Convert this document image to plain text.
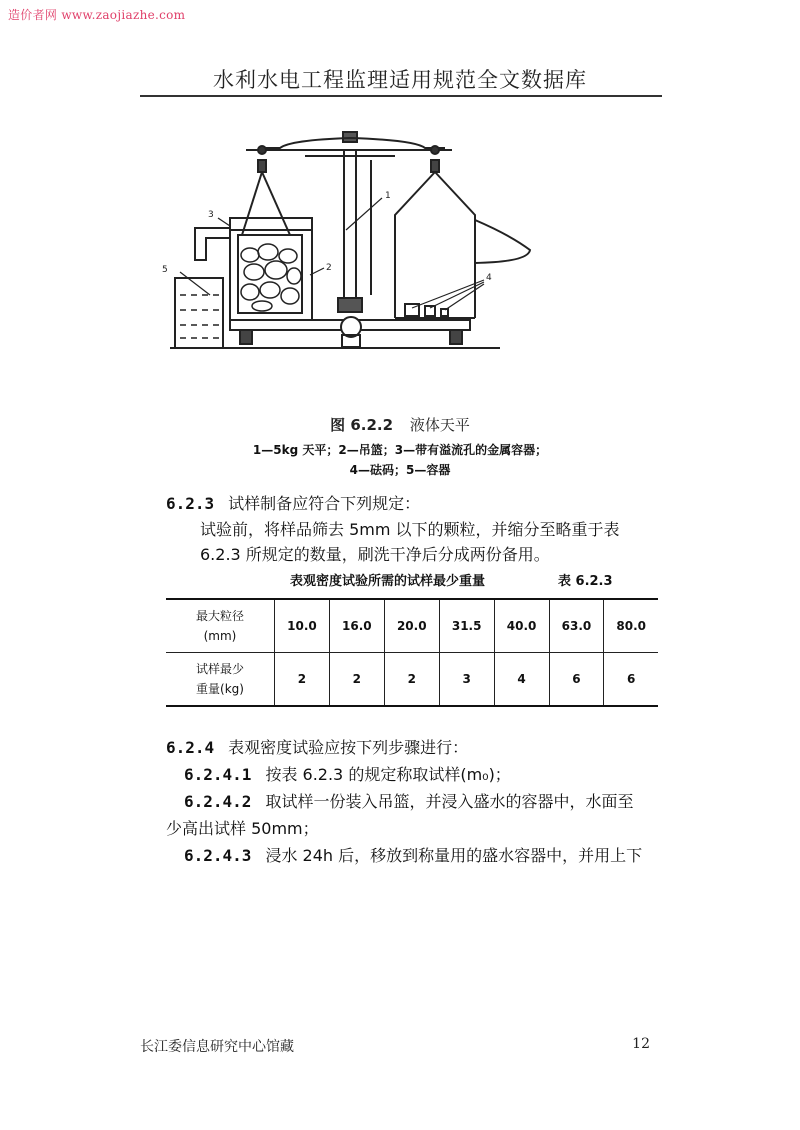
造价者网 www.zaojiazhe.com
水利水电工程监理适用规范全文数据库
1
2
3
5
4
图 6.2.2 液体天平
1—5kg 天平；2—吊篮；3—带有溢流孔的金属容器；
4—砝码；5—容器
6.2.3 试样制备应符合下列规定：
试验前，将样品筛去 5mm 以下的颗粒，并缩分至略重于表
6.2.3 所规定的数量，刷洗干净后分成两份备用。
表观密度试验所需的试样最少重量	表 6.2.3
最大粒径
(mm)	10.0	16.0	20.0	31.5	40.0	63.0	80.0

试样最少
重量(kg)	2	2	2	3	4	6	6
6.2.4 表观密度试验应按下列步骤进行：
6.2.4.1 按表 6.2.3 的规定称取试样(m₀)；
6.2.4.2 取试样一份装入吊篮，并浸入盛水的容器中，水面至
少高出试样 50mm；
6.2.4.3 浸水 24h 后，移放到称量用的盛水容器中，并用上下
长江委信息研究中心馆藏	12
